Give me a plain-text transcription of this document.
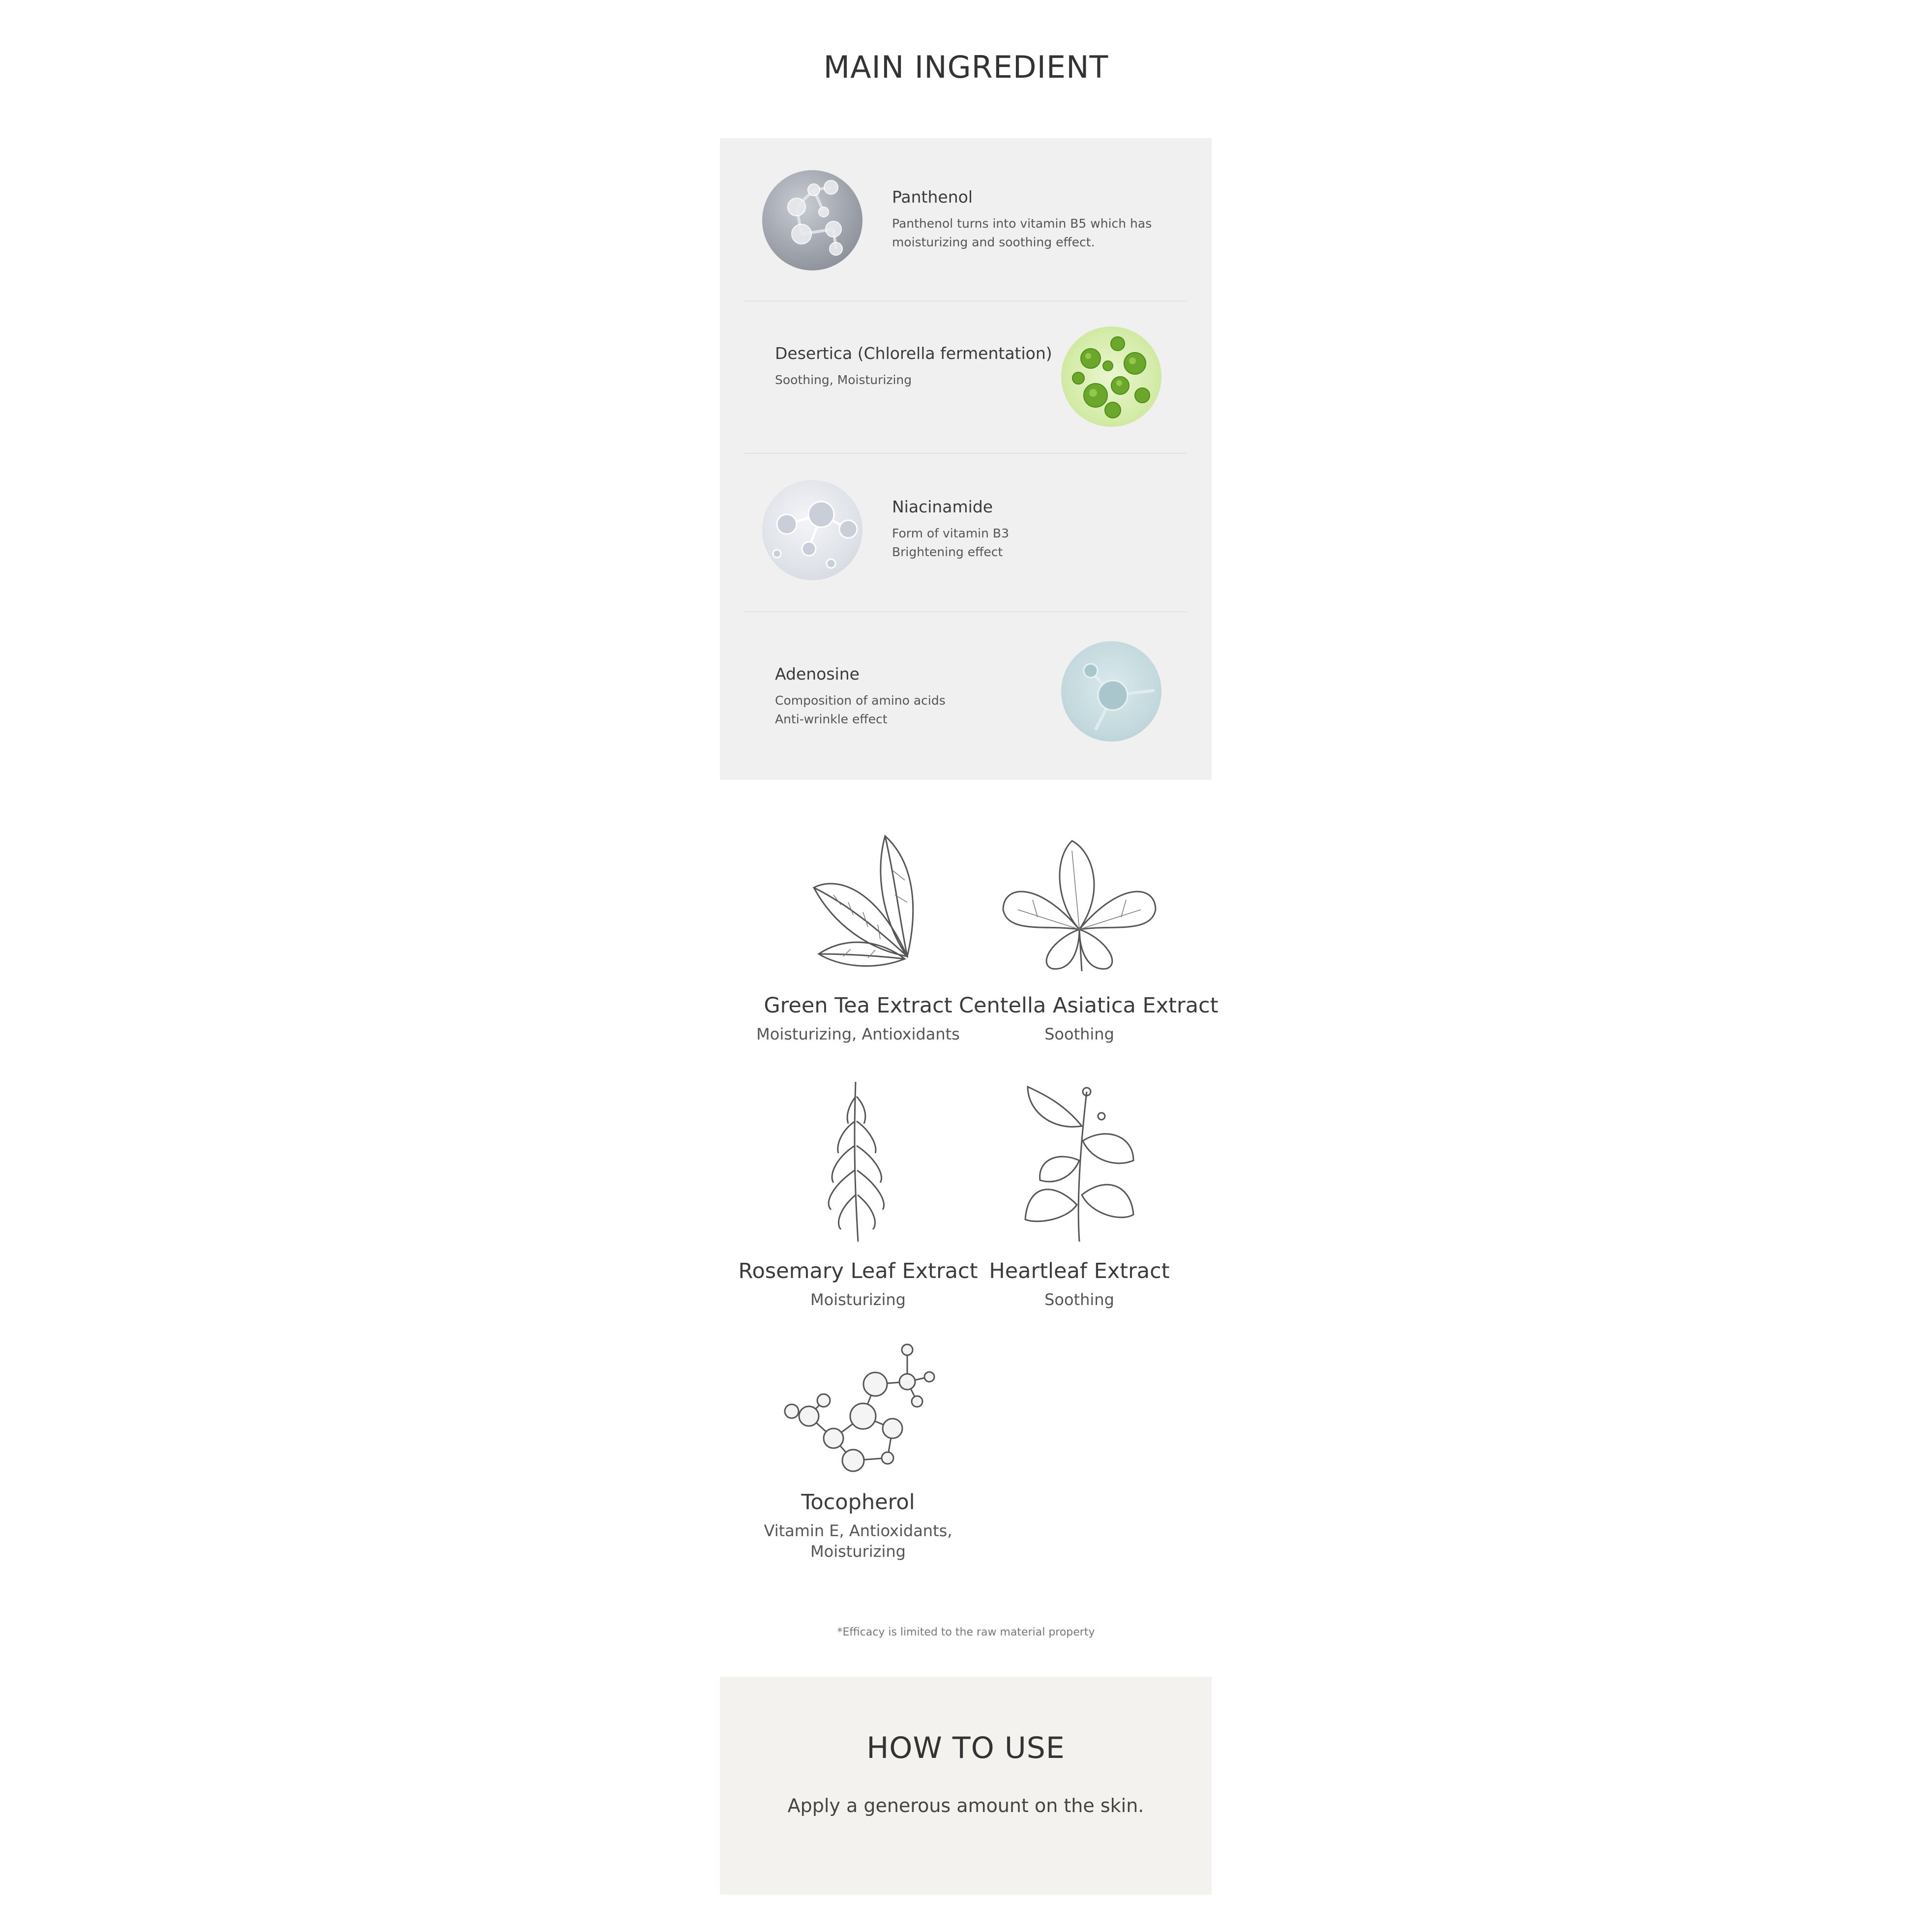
MAIN INGREDIENT

Panthenol

Panthenol turns into vitamin B5 which has
moisturizing and soothing effect.

Desertica (Chlorella fermentation)

Soothing, Moisturizing

Niacinamide

Form of vitamin B3
Brightening effect

Adenosine

Composition of amino acids
Anti-wrinkle effect

Green Tea Extract

Moisturizing, Antioxidants

Centella Asiatica Extract

Soothing

Rosemary Leaf Extract

Moisturizing

Heartleaf Extract

Soothing

Tocopherol

Vitamin E, Antioxidants,
Moisturizing

*Efficacy is limited to the raw material property

HOW TO USE

Apply a generous amount on the skin.
